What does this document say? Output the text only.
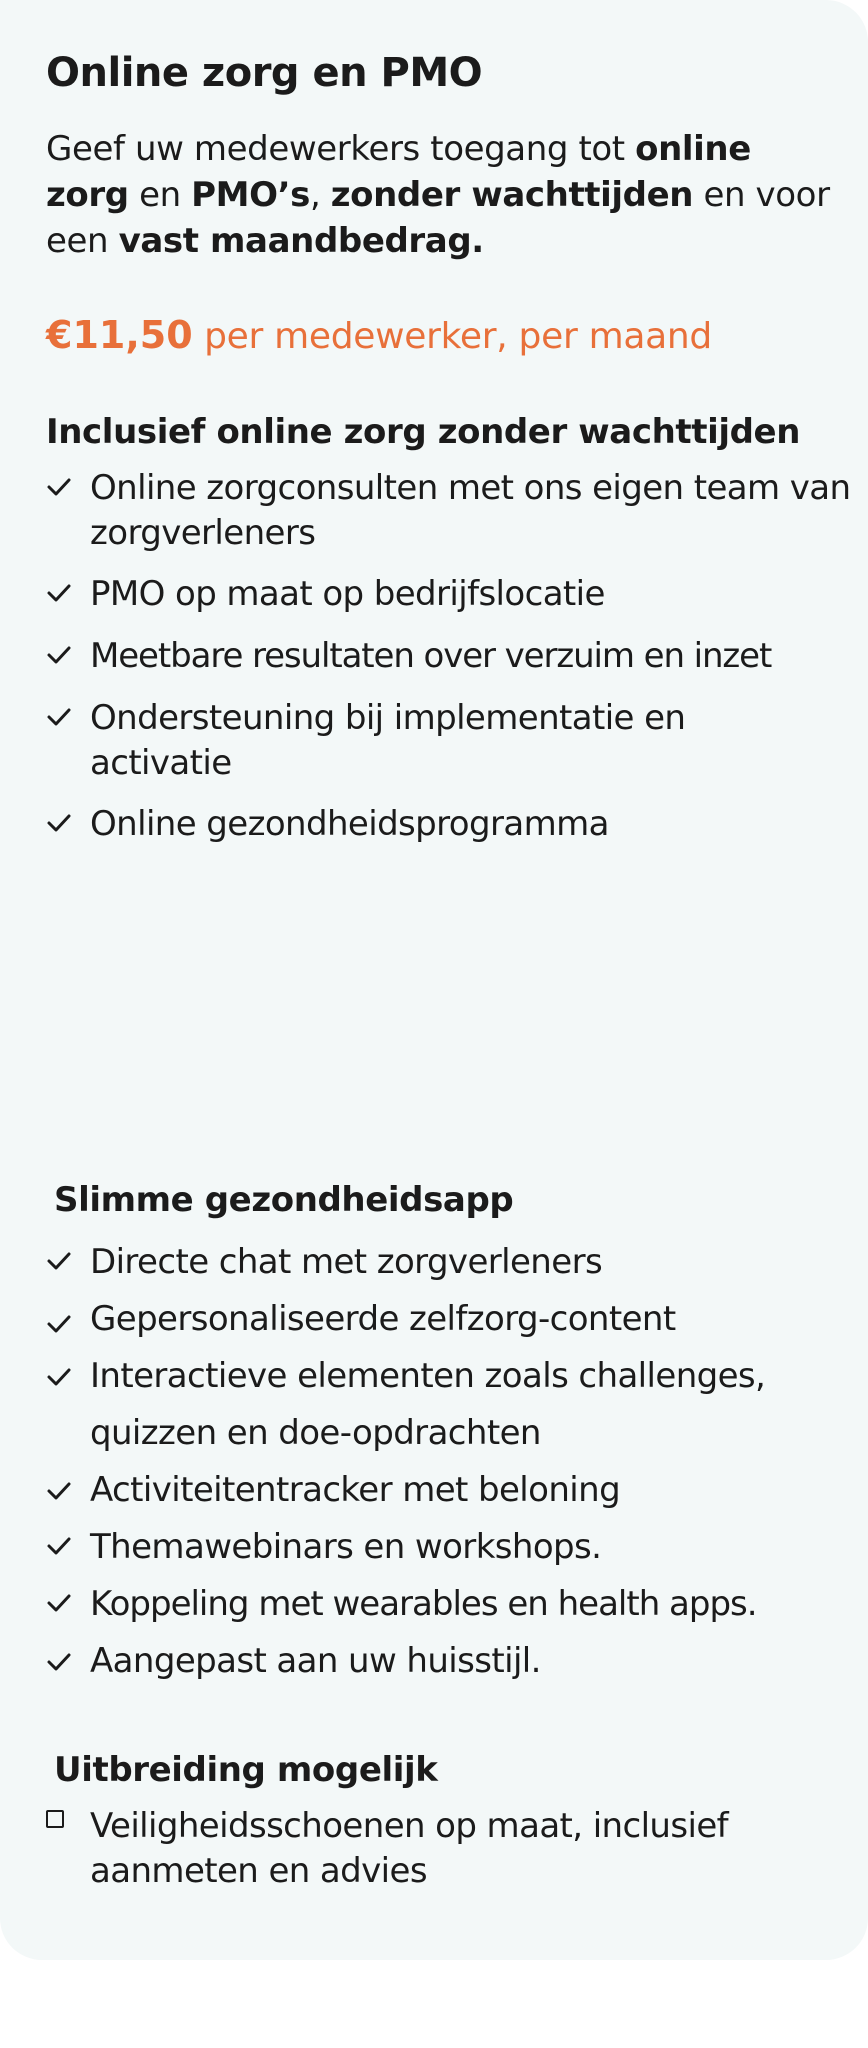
Online zorg en PMO

Geef uw medewerkers toegang tot online zorg en PMO’s, zonder wachttijden en voor een vast maandbedrag.

€11,50 per medewerker, per maand

Inclusief online zorg zonder wachttijden
Online zorgconsulten met ons eigen team van zorgverleners
PMO op maat op bedrijfslocatie
Meetbare resultaten over verzuim en inzet
Ondersteuning bij implementatie en activatie
Online gezondheidsprogramma
Slimme gezondheidsapp
Directe chat met zorgverleners
Gepersonaliseerde zelfzorg-content
Interactieve elementen zoals challenges, quizzen en doe-opdrachten
Activiteitentracker met beloning
Themawebinars en workshops.
Koppeling met wearables en health apps.
Aangepast aan uw huisstijl.
Uitbreiding mogelijk
Veiligheidsschoenen op maat, inclusief aanmeten en advies
